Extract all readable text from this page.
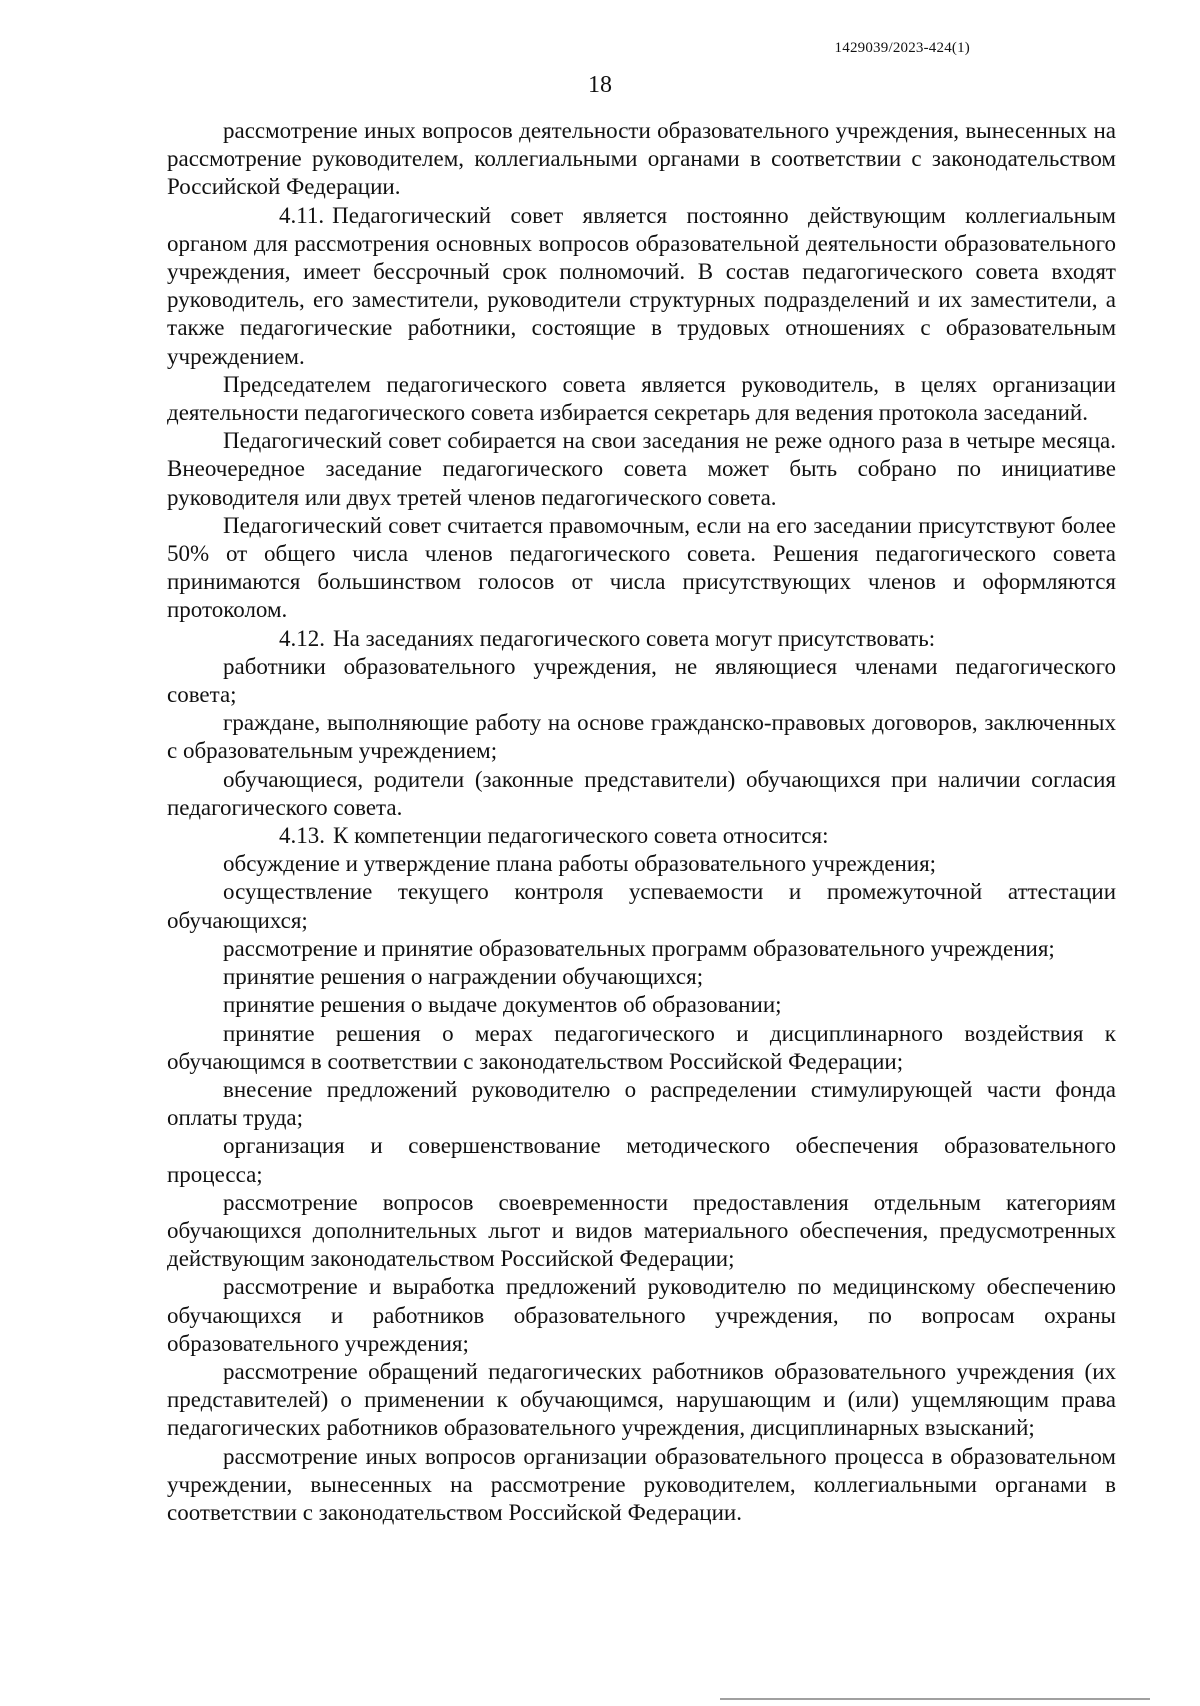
1429039/2023-424(1)
18

рассмотрение иных вопросов деятельности образовательного учреждения, вынесенных на рассмотрение руководителем, коллегиальными органами в соответствии с законодательством Российской Федерации.

4.11. Педагогический совет является постоянно действующим коллегиальным органом для рассмотрения основных вопросов образовательной деятельности образовательного учреждения, имеет бессрочный срок полномочий. В состав педагогического совета входят руководитель, его заместители, руководители структурных подразделений и их заместители, а также педагогические работники, состоящие в трудовых отношениях с образовательным учреждением.

Председателем педагогического совета является руководитель, в целях организации деятельности педагогического совета избирается секретарь для ведения протокола заседаний.

Педагогический совет собирается на свои заседания не реже одного раза в четыре месяца. Внеочередное заседание педагогического совета может быть собрано по инициативе руководителя или двух третей членов педагогического совета.

Педагогический совет считается правомочным, если на его заседании присутствуют более 50% от общего числа членов педагогического совета. Решения педагогического совета принимаются большинством голосов от числа присутствующих членов и оформляются протоколом.

4.12. На заседаниях педагогического совета могут присутствовать:

работники образовательного учреждения, не являющиеся членами педагогического совета;

граждане, выполняющие работу на основе гражданско-правовых договоров, заключенных с образовательным учреждением;

обучающиеся, родители (законные представители) обучающихся при наличии согласия педагогического совета.

4.13. К компетенции педагогического совета относится:

обсуждение и утверждение плана работы образовательного учреждения;

осуществление текущего контроля успеваемости и промежуточной аттестации обучающихся;

рассмотрение и принятие образовательных программ образовательного учреждения;

принятие решения о награждении обучающихся;

принятие решения о выдаче документов об образовании;

принятие решения о мерах педагогического и дисциплинарного воздействия к обучающимся в соответствии с законодательством Российской Федерации;

внесение предложений руководителю о распределении стимулирующей части фонда оплаты труда;

организация и совершенствование методического обеспечения образовательного процесса;

рассмотрение вопросов своевременности предоставления отдельным категориям обучающихся дополнительных льгот и видов материального обеспечения, предусмотренных действующим законодательством Российской Федерации;

рассмотрение и выработка предложений руководителю по медицинскому обеспечению обучающихся и работников образовательного учреждения, по вопросам охраны образовательного учреждения;

рассмотрение обращений педагогических работников образовательного учреждения (их представителей) о применении к обучающимся, нарушающим и (или) ущемляющим права педагогических работников образовательного учреждения, дисциплинарных взысканий;

рассмотрение иных вопросов организации образовательного процесса в образовательном учреждении, вынесенных на рассмотрение руководителем, коллегиальными органами в соответствии с законодательством Российской Федерации.
